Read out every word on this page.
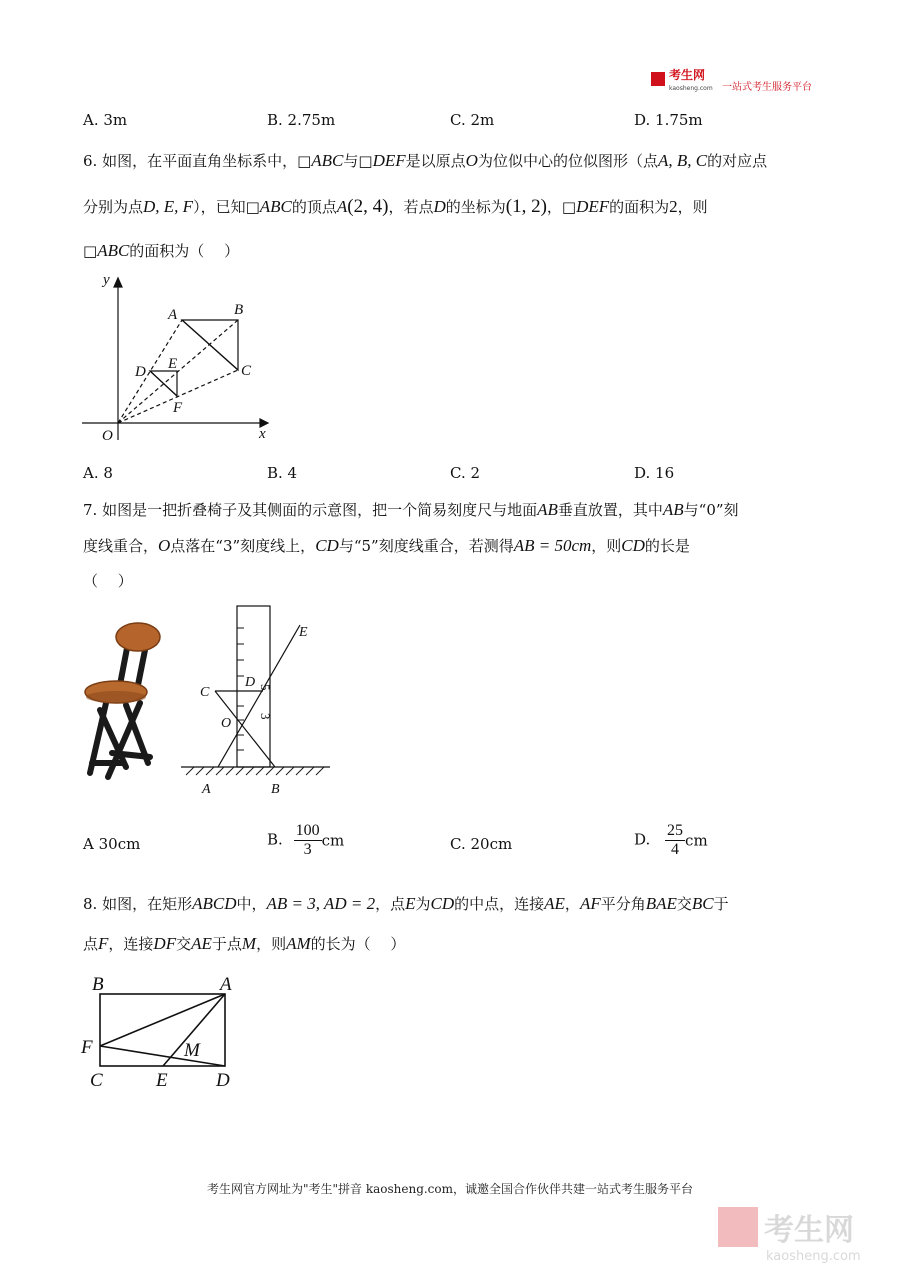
考生网
kaosheng.com 一站式考生服务平台
A. 3m	B. 2.75m	C. 2m	D. 1.75m
6. 如图，在平面直角坐标系中，□ABC与□DEF是以原点O为位似中心的位似图形（点A, B, C的对应点
分别为点D, E, F），已知□ABC的顶点A(2, 4)，若点D的坐标为(1, 2)，□DEF的面积为2，则
□ABC的面积为（　 ）
y
x
O
A	B
C
D E
F
A. 8	B. 4	C. 2	D. 16
7. 如图是一把折叠椅子及其侧面的示意图，把一个简易刻度尺与地面AB垂直放置，其中AB与“0”刻
度线重合，O点落在“3”刻度线上，CD与“5”刻度线重合，若测得AB = 50cm，则CD的长是
（　 ）
C
D
O
E
A	B
5
3
A 30cm	B. $\frac{100}{3}$ cm	C. 20cm	D. $\frac{25}{4}$ cm
8. 如图，在矩形ABCD中，AB = 3, AD = 2，点E为CD的中点，连接AE，AF平分角BAE交BC于
点F，连接DF交AE于点M，则AM的长为（　 ）
B	A
F	M
C	E	D
考生网官方网址为"考生"拼音 kaosheng.com，诚邀全国合作伙伴共建一站式考生服务平台
考生网
kaosheng.com
